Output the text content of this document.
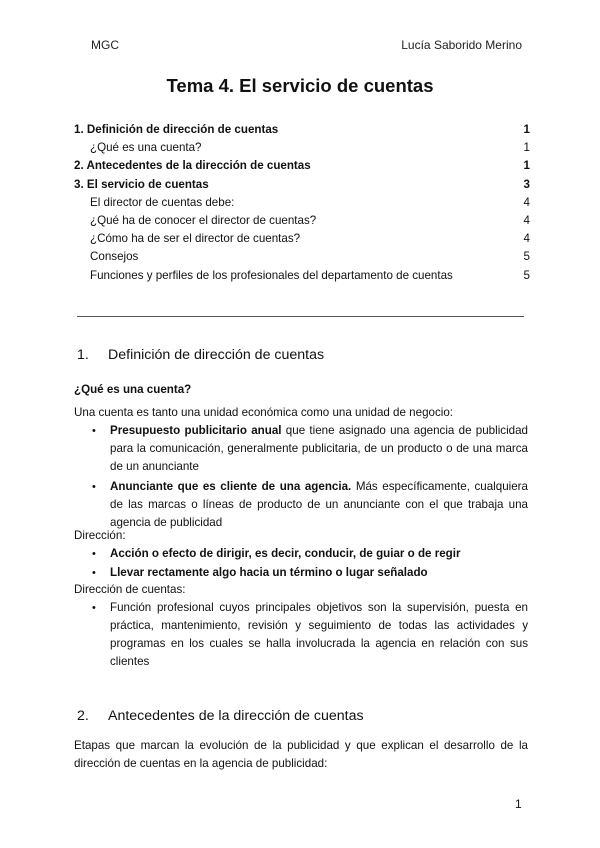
MGC	Lucía Saborido Merino
Tema 4. El servicio de cuentas
1. Definición de dirección de cuentas	1
¿Qué es una cuenta?	1
2. Antecedentes de la dirección de cuentas	1
3. El servicio de cuentas	3
El director de cuentas debe:	4
¿Qué ha de conocer el director de cuentas?	4
¿Cómo ha de ser el director de cuentas?	4
Consejos	5
Funciones y perfiles de los profesionales del departamento de cuentas	5
1. Definición de dirección de cuentas
¿Qué es una cuenta?
Una cuenta es tanto una unidad económica como una unidad de negocio:
• Presupuesto publicitario anual que tiene asignado una agencia de publicidad para la comunicación, generalmente publicitaria, de un producto o de una marca de un anunciante
• Anunciante que es cliente de una agencia. Más específicamente, cualquiera de las marcas o líneas de producto de un anunciante con el que trabaja una agencia de publicidad
Dirección:
• Acción o efecto de dirigir, es decir, conducir, de guiar o de regir
• Llevar rectamente algo hacia un término o lugar señalado
Dirección de cuentas:
• Función profesional cuyos principales objetivos son la supervisión, puesta en práctica, mantenimiento, revisión y seguimiento de todas las actividades y programas en los cuales se halla involucrada la agencia en relación con sus clientes
2. Antecedentes de la dirección de cuentas
Etapas que marcan la evolución de la publicidad y que explican el desarrollo de la dirección de cuentas en la agencia de publicidad:
1
